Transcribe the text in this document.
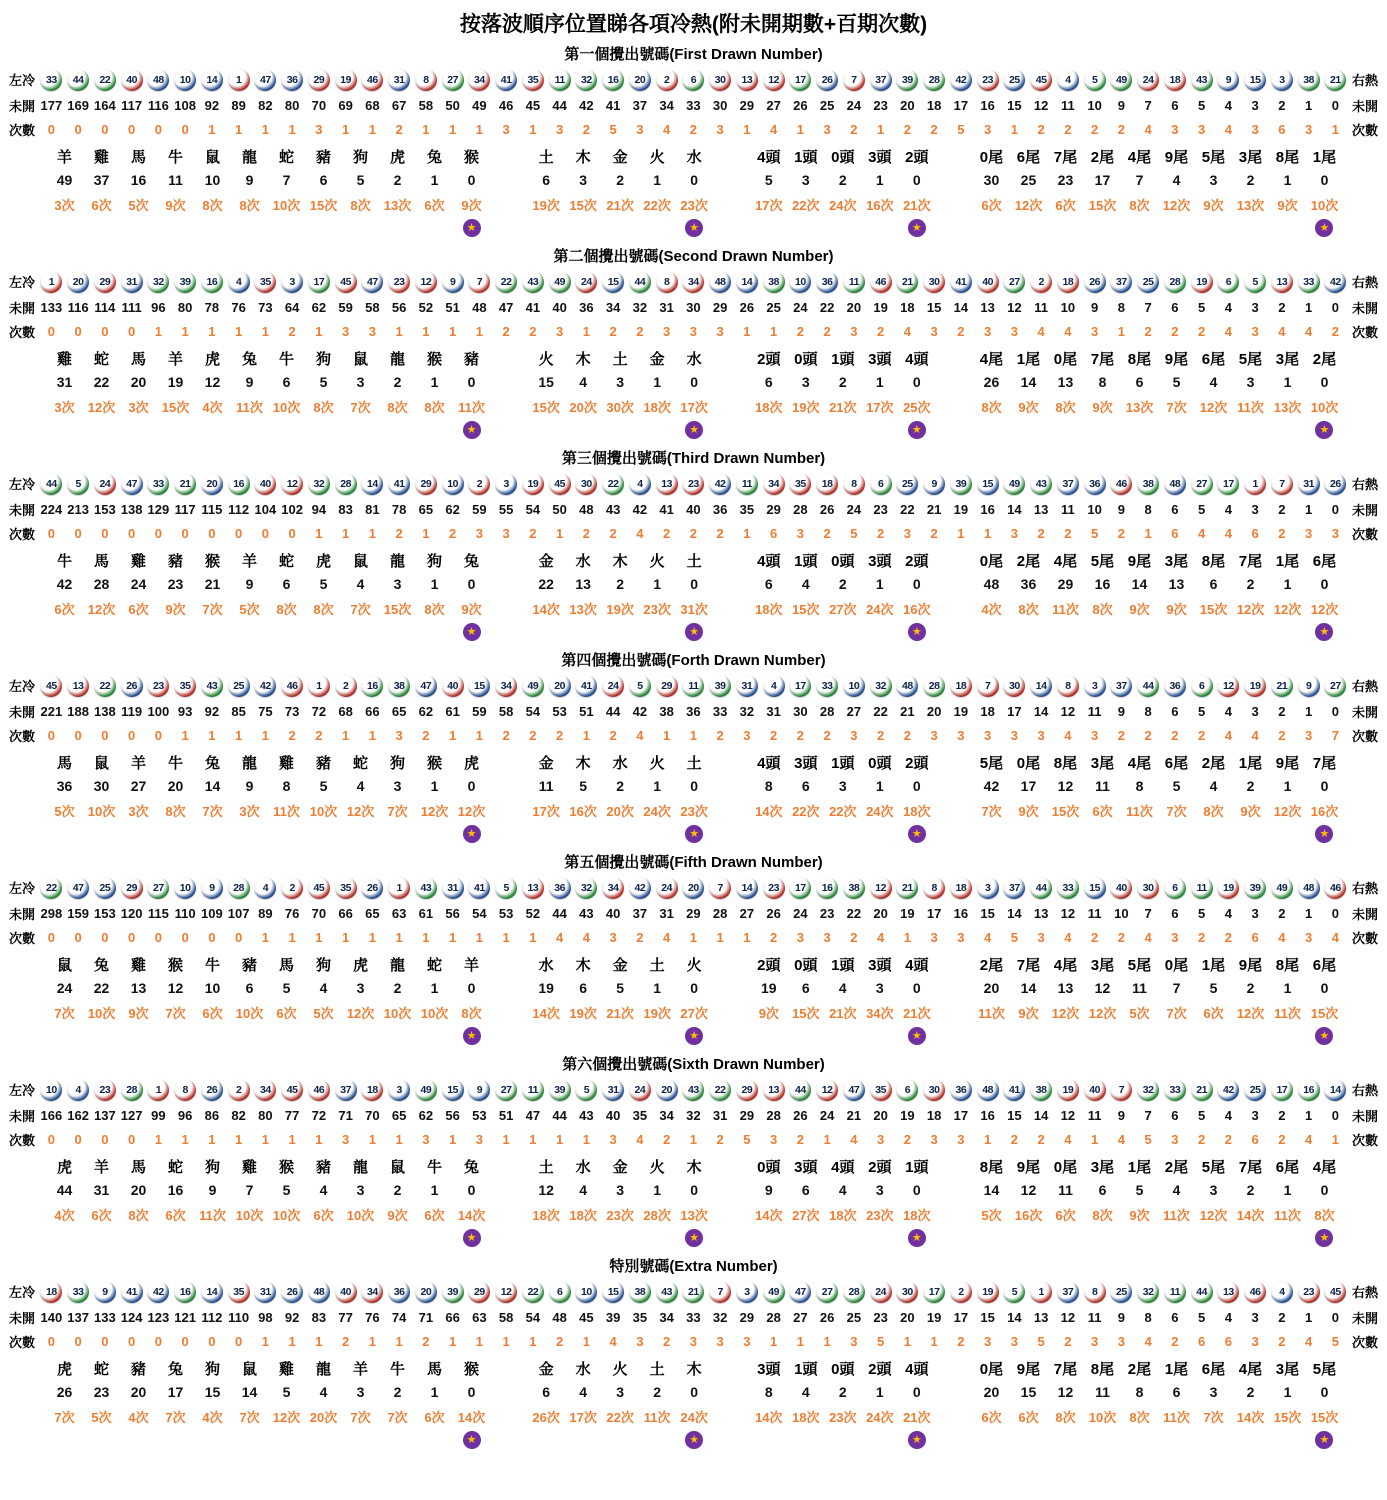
按落波順序位置睇各項冷熱(附未開期數+百期次數)
第一個攪出號碼(First Drawn Number)
左冷	33	44	22	40	48	10	14	1	47	36	29	19	46	31	8	27	34	41	35	11	32	16	20	2	6	30	13	12	17	26	7	37	39	28	42	23	25	45	4	5	49	24	18	43	9	15	3	38	21 右熱
未開 177 169 164 117 116 108 92 89 82 80 70 69 68 67 58 50 49 46 45 44 42 41 37 34 33 30 29 27 26 25 24 23 20 18 17 16 15 12 11 10	9	7	6	5	4	3	2	1	0	未開
次數 0	0	0	0	0	0	1	1	1	1	3	1	1	2	1	1	1	3	1	3	2	5	3	4	2	3	1	4	1	3	2	1	2	2	5	3	1	2	2	2	2	4	3	3	4	3	6	3	1	次數
羊	雞	馬	牛	鼠	龍	蛇	豬	狗	虎	兔	猴
49	37	16	11	10	9	7	6	5	2	1	0
3次	6次	5次	9次	8次	8次	10次 15次	8次	13次	6次	9次
★
土	木	金	火	水
6	3	2	1	0
19次 15次 21次 22次 23次
★
4頭 1頭 0頭 3頭 2頭
5	3	2	1	0
17次 22次 24次 16次 21次
★
0尾 6尾 7尾 2尾 4尾 9尾 5尾 3尾 8尾 1尾
30	25	23	17	7	4	3	2	1	0
6次	12次	6次	15次	8次	12次	9次	13次	9次	10次
★
第二個攪出號碼(Second Drawn Number)
左冷	1	20	29	31	32	39	16	4	35	3	17	45	47	23	12	9	7	22	43	49	24	15	44	8	34	48	14	38	10	36	11	46	21	30	41	40	27	2	18	26	37	25	28	19	6	5	13	33	42 右熱
未開 133 116 114 111 96 80 78 76 73 64 62 59 58 56 52 51 48 47 41 40 36 34 32 31 30 29 26 25 24 22 20 19 18 15 14 13 12 11 10	9	8	7	6	5	4	3	2	1	0	未開
次數 0	0	0	0	1	1	1	1	1	2	1	3	3	1	1	1	1	2	2	3	1	2	2	3	3	3	1	1	2	2	3	2	4	3	2	3	3	4	4	3	1	2	2	2	4	3	4	4	2	次數
雞	蛇	馬	羊	虎	兔	牛	狗	鼠	龍	猴	豬
31	22	20	19	12	9	6	5	3	2	1	0
3次	12次	3次	15次	4次	11次 10次	8次	7次	8次	8次	11次
★
火	木	土	金	水
15	4	3	1	0
15次 20次 30次 18次 17次
★
2頭 0頭 1頭 3頭 4頭
6	3	2	1	0
18次 19次 21次 17次 25次
★
4尾 1尾 0尾 7尾 8尾 9尾 6尾 5尾 3尾 2尾
26	14	13	8	6	5	4	3	1	0
8次	9次	8次	9次	13次	7次	12次 11次 13次 10次
★
第三個攪出號碼(Third Drawn Number)
左冷	44	5	24	47	33	21	20	16	40	12	32	28	14	41	29	10	2	3	19	45	30	22	4	13	23	42	11	34	35	18	8	6	25	9	39	15	49	43	37	36	46	38	48	27	17	1	7	31	26 右熱
未開 224 213 153 138 129 117 115 112 104 102 94 83 81 78 65 62 59 55 54 50 48 43 42 41 40 36 35 29 28 26 24 23 22 21 19 16 14 13 11 10	9	8	6	5	4	3	2	1	0	未開
次數 0	0	0	0	0	0	0	0	0	0	1	1	1	2	1	2	3	3	2	1	2	2	4	2	2	2	1	6	3	2	5	2	3	2	1	1	3	2	2	5	2	1	6	4	4	6	2	3	3	次數
牛	馬	雞	豬	猴	羊	蛇	虎	鼠	龍	狗	兔
42	28	24	23	21	9	6	5	4	3	1	0
6次	12次	6次	9次	7次	5次	8次	8次	7次	15次	8次	9次
★
金	水	木	火	土
22	13	2	1	0
14次 13次 19次 23次 31次
★
4頭 1頭 0頭 3頭 2頭
6	4	2	1	0
18次 15次 27次 24次 16次
★
0尾 2尾 4尾 5尾 9尾 3尾 8尾 7尾 1尾 6尾
48	36	29	16	14	13	6	2	1	0
4次	8次	11次	8次	9次	9次	15次 12次 12次 12次
★
第四個攪出號碼(Forth Drawn Number)
左冷	45	13	22	26	23	35	43	25	42	46	1	2	16	38	47	40	15	34	49	20	41	24	5	29	11	39	31	4	17	33	10	32	48	28	18	7	30	14	8	3	37	44	36	6	12	19	21	9	27 右熱
未開 221 188 138 119 100 93 92 85 75 73 72 68 66 65 62 61 59 58 54 53 51 44 42 38 36 33 32 31 30 28 27 22 21 20 19 18 17 14 12 11	9	8	6	5	4	3	2	1	0	未開
次數 0	0	0	0	0	1	1	1	1	2	2	1	1	3	2	1	1	2	2	2	1	2	4	1	1	2	3	2	2	2	3	2	2	3	3	3	3	3	4	3	2	2	2	2	4	4	2	3	7	次數
馬	鼠	羊	牛	兔	龍	雞	豬	蛇	狗	猴	虎
36	30	27	20	14	9	8	5	4	3	1	0
5次	10次	3次	8次	7次	3次	11次 10次 12次	7次	12次 12次
★
金	木	水	火	土
11	5	2	1	0
17次 16次 20次 24次 23次
★
4頭 3頭 1頭 0頭 2頭
8	6	3	1	0
14次 22次 22次 24次 18次
★
5尾 0尾 8尾 3尾 4尾 6尾 2尾 1尾 9尾 7尾
42	17	12	11	8	5	4	2	1	0
7次	9次	15次	6次	11次	7次	8次	9次	12次 16次
★
第五個攪出號碼(Fifth Drawn Number)
左冷	22	47	25	29	27	10	9	28	4	2	45	35	26	1	43	31	41	5	13	36	32	34	42	24	20	7	14	23	17	16	38	12	21	8	18	3	37	44	33	15	40	30	6	11	19	39	49	48	46 右熱
未開 298 159 153 120 115 110 109 107 89 76 70 66 65 63 61 56 54 53 52 44 43 40 37 31 29 28 27 26 24 23 22 20 19 17 16 15 14 13 12 11 10	7	6	5	4	3	2	1	0	未開
次數 0	0	0	0	0	0	0	0	1	1	1	1	1	1	1	1	1	1	1	4	4	3	2	4	1	1	1	2	3	3	2	4	1	3	3	4	5	3	4	2	2	4	3	2	2	6	4	3	4	次數
鼠	兔	雞	猴	牛	豬	馬	狗	虎	龍	蛇	羊
24	22	13	12	10	6	5	4	3	2	1	0
7次	10次	9次	7次	6次	10次	6次	5次	12次 10次 10次	8次
★
水	木	金	土	火
19	6	5	1	0
14次 19次 21次 19次 27次
★
2頭 0頭 1頭 3頭 4頭
19	6	4	3	0
9次	15次 21次 34次 21次
★
2尾 7尾 4尾 3尾 5尾 0尾 1尾 9尾 8尾 6尾
20	14	13	12	11	7	5	2	1	0
11次	9次	12次 12次	5次	7次	6次	12次 11次 15次
★
第六個攪出號碼(Sixth Drawn Number)
左冷	10	4	23	28	1	8	26	2	34	45	46	37	18	3	49	15	9	27	11	39	5	31	24	20	43	22	29	13	44	12	47	35	6	30	36	48	41	38	19	40	7	32	33	21	42	25	17	16	14 右熱
未開 166 162 137 127 99 96 86 82 80 77 72 71 70 65 62 56 53 51 47 44 43 40 35 34 32 31 29 28 26 24 21 20 19 18 17 16 15 14 12 11	9	7	6	5	4	3	2	1	0	未開
次數 0	0	0	0	1	1	1	1	1	1	1	3	1	1	3	1	3	1	1	1	1	3	4	2	1	2	5	3	2	1	4	3	2	3	3	1	2	2	4	1	4	5	3	2	2	6	2	4	1	次數
虎	羊	馬	蛇	狗	雞	猴	豬	龍	鼠	牛	兔
44	31	20	16	9	7	5	4	3	2	1	0
4次	6次	8次	6次	11次 10次 10次	6次	10次	9次	6次	14次
★
土	水	金	火	木
12	4	3	1	0
18次 18次 23次 28次 13次
★
0頭 3頭 4頭 2頭 1頭
9	6	4	3	0
14次 27次 18次 23次 18次
★
8尾 9尾 0尾 3尾 1尾 2尾 5尾 7尾 6尾 4尾
14	12	11	6	5	4	3	2	1	0
5次	16次	6次	8次	9次	11次 12次 14次 11次	8次
★
特別號碼(Extra Number)
左冷	18	33	9	41	42	16	14	35	31	26	48	40	34	36	20	39	29	12	22	6	10	15	38	43	21	7	3	49	47	27	28	24	30	17	2	19	5	1	37	8	25	32	11	44	13	46	4	23	45 右熱
未開 140 137 133 124 123 121 112 110 98 92 83 77 76 74 71 66 63 58 54 48 45 39 35 34 33 32 29 28 27 26 25 23 20 19 17 15 14 13 12 11	9	8	6	5	4	3	2	1	0	未開
次數 0	0	0	0	0	0	0	0	1	1	1	2	1	1	2	1	1	1	1	2	1	4	3	2	3	3	3	1	1	1	3	5	1	1	2	3	3	5	2	3	3	4	2	6	6	3	2	4	5	次數
虎	蛇	豬	兔	狗	鼠	雞	龍	羊	牛	馬	猴
26	23	20	17	15	14	5	4	3	2	1	0
7次	5次	4次	7次	4次	7次	12次 20次	7次	7次	6次	14次
★
金	水	火	土	木
6	4	3	2	0
26次 17次 22次 11次 24次
★
3頭 1頭 0頭 2頭 4頭
8	4	2	1	0
14次 18次 23次 24次 21次
★
0尾 9尾 7尾 8尾 2尾 1尾 6尾 4尾 3尾 5尾
20	15	12	11	8	6	3	2	1	0
6次	6次	8次	10次	8次	11次	7次	14次 15次 15次
★
